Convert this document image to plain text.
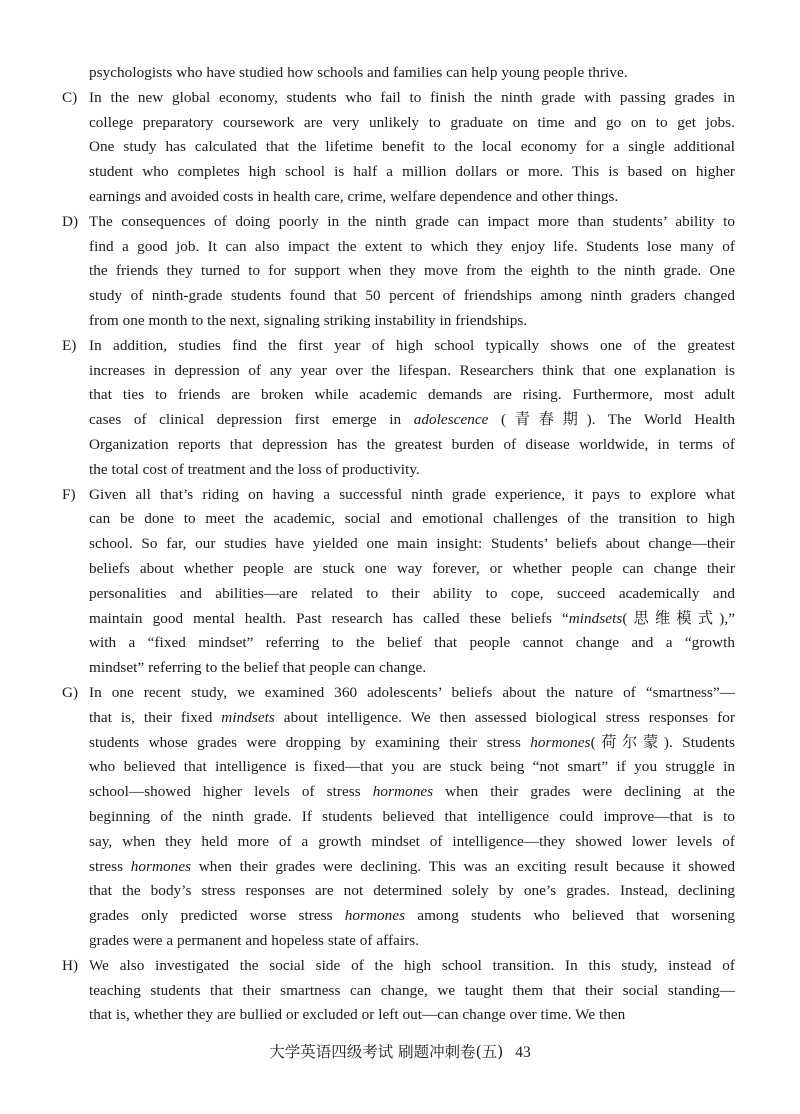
psychologists who have studied how schools and families can help young people thrive.
C) In the new global economy, students who fail to finish the ninth grade with passing grades in
college preparatory coursework are very unlikely to graduate on time and go on to get jobs.
One study has calculated that the lifetime benefit to the local economy for a single additional
student who completes high school is half a million dollars or more. This is based on higher
earnings and avoided costs in health care, crime, welfare dependence and other things.
D) The consequences of doing poorly in the ninth grade can impact more than students’ ability to
find a good job. It can also impact the extent to which they enjoy life. Students lose many of
the friends they turned to for support when they move from the eighth to the ninth grade. One
study of ninth-grade students found that 50 percent of friendships among ninth graders changed
from one month to the next, signaling striking instability in friendships.
E) In addition, studies find the first year of high school typically shows one of the greatest
increases in depression of any year over the lifespan. Researchers think that one explanation is
that ties to friends are broken while academic demands are rising. Furthermore, most adult
cases of clinical depression first emerge in adolescence (青春期). The World Health
Organization reports that depression has the greatest burden of disease worldwide, in terms of
the total cost of treatment and the loss of productivity.
F) Given all that’s riding on having a successful ninth grade experience, it pays to explore what
can be done to meet the academic, social and emotional challenges of the transition to high
school. So far, our studies have yielded one main insight: Students’ beliefs about change—their
beliefs about whether people are stuck one way forever, or whether people can change their
personalities and abilities—are related to their ability to cope, succeed academically and
maintain good mental health. Past research has called these beliefs “mindsets(思维模式),”
with a “fixed mindset” referring to the belief that people cannot change and a “growth
mindset” referring to the belief that people can change.
G) In one recent study, we examined 360 adolescents’ beliefs about the nature of “smartness”—
that is, their fixed mindsets about intelligence. We then assessed biological stress responses for
students whose grades were dropping by examining their stress hormones(荷尔蒙). Students
who believed that intelligence is fixed—that you are stuck being “not smart” if you struggle in
school—showed higher levels of stress hormones when their grades were declining at the
beginning of the ninth grade. If students believed that intelligence could improve—that is to
say, when they held more of a growth mindset of intelligence—they showed lower levels of
stress hormones when their grades were declining. This was an exciting result because it showed
that the body’s stress responses are not determined solely by one’s grades. Instead, declining
grades only predicted worse stress hormones among students who believed that worsening
grades were a permanent and hopeless state of affairs.
H) We also investigated the social side of the high school transition. In this study, instead of
teaching students that their smartness can change, we taught them that their social standing—
that is, whether they are bullied or excluded or left out—can change over time. We then
大学英语四级考试 刷题冲刺卷(五) 43
